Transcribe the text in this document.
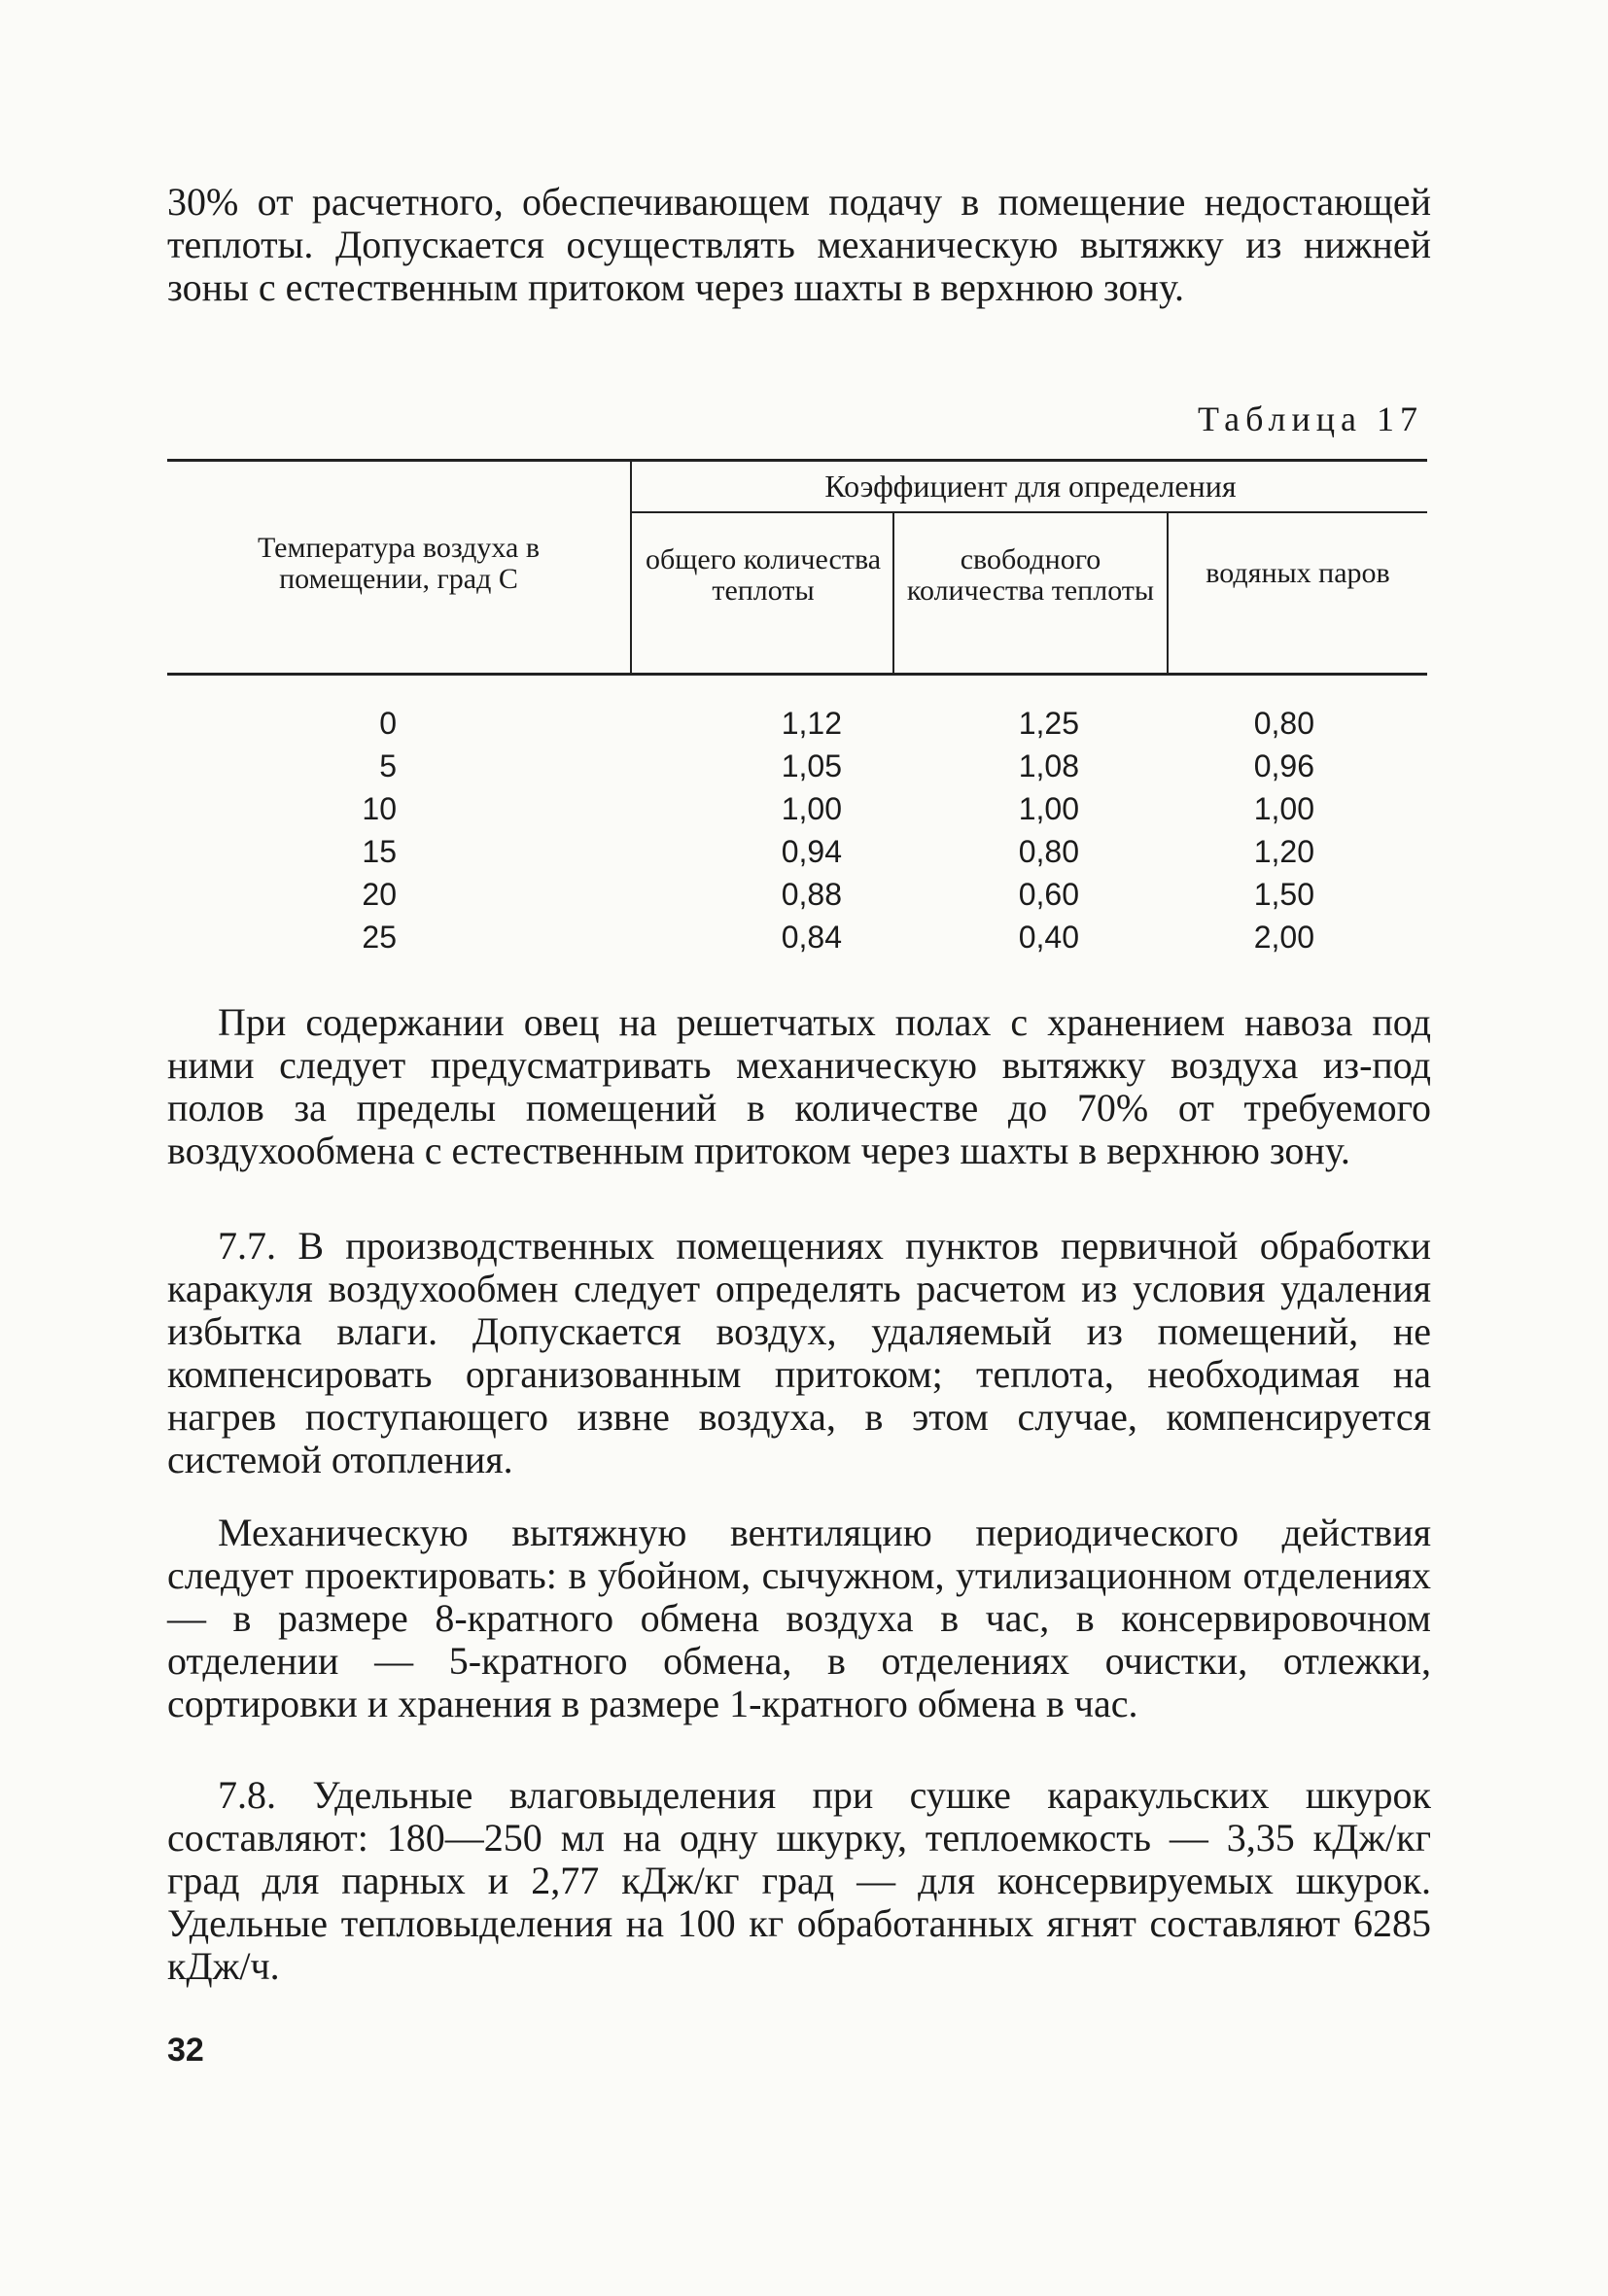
30% от расчетного, обеспечивающем подачу в помещение недостающей теплоты. Допускается осуществлять механическую вытяжку из нижней зоны с естественным притоком через шахты в верхнюю зону.
Таблица 17
Температура воздуха в помещении, град С
Коэффициент для определения
общего количества теплоты
свободного количества теплоты
водяных паров
0	1,12	1,25	0,80
5	1,05	1,08	0,96
10	1,00	1,00	1,00
15	0,94	0,80	1,20
20	0,88	0,60	1,50
25	0,84	0,40	2,00
При содержании овец на решетчатых полах с хранением навоза под ними следует предусматривать механическую вытяжку воздуха из-под полов за пределы помещений в количестве до 70% от требуемого воздухообмена с естественным притоком через шахты в верхнюю зону.
7.7. В производственных помещениях пунктов первичной обработки каракуля воздухообмен следует определять расчетом из условия удаления избытка влаги. Допускается воздух, удаляемый из помещений, не компенсировать организованным притоком; теплота, необходимая на нагрев поступающего извне воздуха, в этом случае, компенсируется системой отопления.
Механическую вытяжную вентиляцию периодического действия следует проектировать: в убойном, сычужном, утилизационном отделениях — в размере 8-кратного обмена воздуха в час, в консервировочном отделении — 5-кратного обмена, в отделениях очистки, отлежки, сортировки и хранения в размере 1-кратного обмена в час.
7.8. Удельные влаговыделения при сушке каракульских шкурок составляют: 180—250 мл на одну шкурку, теплоемкость — 3,35 кДж/кг град для парных и 2,77 кДж/кг град — для консервируемых шкурок. Удельные тепловыделения на 100 кг обработанных ягнят составляют 6285 кДж/ч.
32
